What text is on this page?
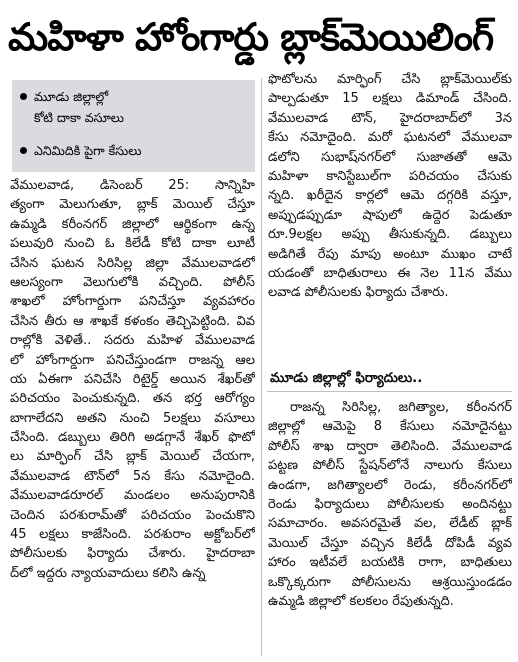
మహిళా హోంగార్డు బ్లాక్‌మెయిలింగ్
మూడు జిల్లాల్లో
కోటి దాకా వసూలు
ఎనిమిదికి పైగా కేసులు
వేములవాడ, డిసెంబర్ 25: సాన్నిహి
త్యంగా మెలుగుతూ, బ్లాక్ మెయిల్ చేస్తూ
ఉమ్మడి కరీంనగర్ జిల్లాలో ఆర్థికంగా ఉన్న
పలువురి నుంచి ఓ కిలేడీ కోటి దాకా లూటీ
చేసిన ఘటన సిరిసిల్ల జిల్లా వేములవాడలో
ఆలస్యంగా వెలుగులోకి వచ్చింది. పోలీస్
శాఖలో హోంగార్డుగా పనిచేస్తూ వ్యవహారం
చేసిన తీరు ఆ శాఖకే కళంకం తెచ్చిపెట్టింది. వివ
రాల్లోకి వెళితే.. సదరు మహిళ వేములవాడ
లో హోంగార్డుగా పనిచేస్తుండగా రాజన్న ఆల
య ఏఈగా పనిచేసి రిటైర్డ్ అయిన శేఖర్‌తో
పరిచయం పెంచుకున్నది. తన భర్త ఆరోగ్యం
బాగాలేదని అతని నుంచి 5లక్షలు వసూలు
చేసింది. డబ్బులు తిరిగి అడగ్గానే శేఖర్ ఫొటో
లు మార్ఫింగ్ చేసి బ్లాక్ మెయిల్ చేయగా,
వేములవాడ టౌన్‌లో 5న కేసు నమోదైంది.
వేములవాడరూరల్ మండలం అనుపురానికి
చెందిన పరశురామ్‌తో పరిచయం పెంచుకొని
45 లక్షలు కాజేసింది. పరశురాం అక్టోబర్‌లో
పోలీసులకు ఫిర్యాదు చేశారు. హైదరాబా
ద్‌లో ఇద్దరు న్యాయవాదులు కలిసి ఉన్న
ఫొటోలను మార్ఫింగ్ చేసి బ్లాక్‌మెయిల్‌కు
పాల్పడుతూ 15 లక్షలు డిమాండ్ చేసింది.
వేములవాడ టౌన్, హైదరాబాద్‌లో 3న
కేసు నమోదైంది. మరో ఘటనలో వేములవా
డలోని సుభాష్‌నగర్‌లో సుజాతతో ఆమె
మహిళా కానిస్టేబుల్‌గా పరిచయం చేసుకు
న్నది. ఖరీదైన కార్లలో ఆమె దగ్గరికి వస్తూ,
అప్పుడప్పుడూ షాపులో ఉద్దెర పెడుతూ
రూ.9లక్షల అప్పు తీసుకున్నది. డబ్బులు
అడిగితే రేపు మాపు అంటూ ముఖం చాటే
యడంతో బాధితురాలు ఈ నెల 11న వేము
లవాడ పోలీసులకు ఫిర్యాదు చేశారు.
మూడు జిల్లాల్లో ఫిర్యాదులు..
రాజన్న సిరిసిల్ల, జగిత్యాల, కరీంనగర్
జిల్లాల్లో ఆమెపై 8 కేసులు నమోదైనట్టు
పోలీస్ శాఖ ద్వారా తెలిసింది. వేములవాడ
పట్టణ పోలీస్ స్టేషన్‌లోనే నాలుగు కేసులు
ఉండగా, జగిత్యాలలో రెండు, కరీంనగర్‌లో
రెండు ఫిర్యాదులు పోలీసులకు అందినట్టు
సమాచారం. అవసరమైతే వల, లేడీట్ బ్లాక్
మెయిల్ చేస్తూ వచ్చిన కిలేడీ దోపిడీ వ్యవ
హారం ఇటీవలే బయటికి రాగా, బాధితులు
ఒక్కొక్కరుగా పోలీసులను ఆశ్రయిస్తుండడం
ఉమ్మడి జిల్లాలో కలకలం రేపుతున్నది.
